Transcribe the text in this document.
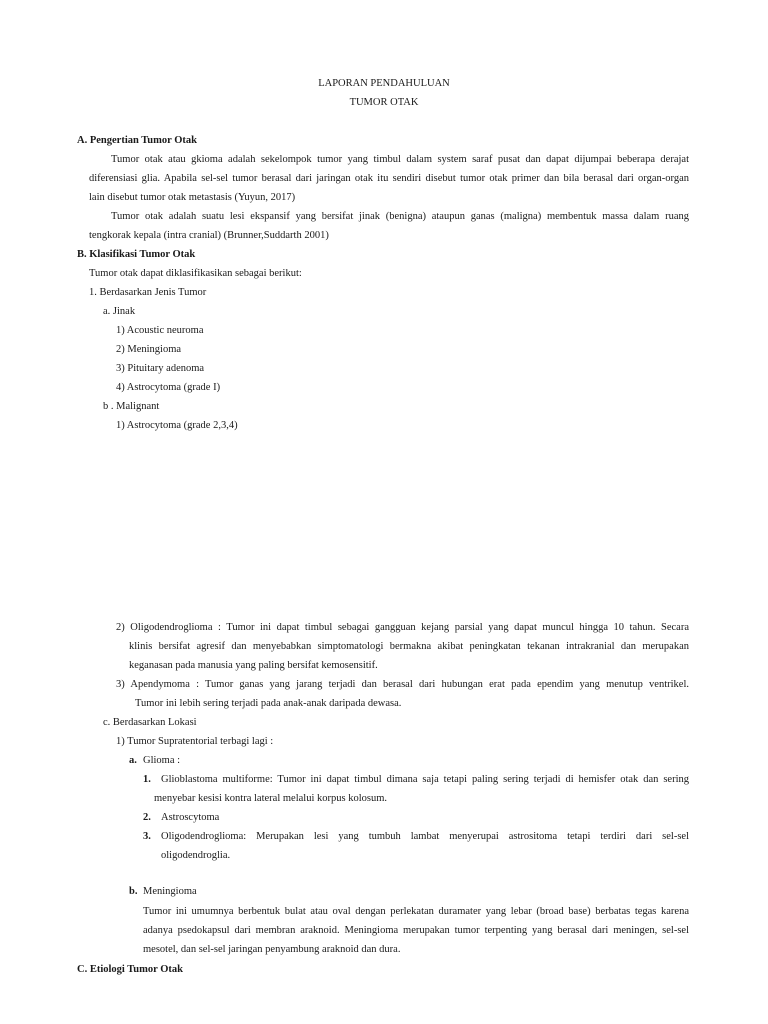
LAPORAN PENDAHULUAN

TUMOR OTAK

A. Pengertian Tumor Otak

Tumor otak atau gkioma adalah sekelompok tumor yang timbul dalam system saraf pusat dan dapat dijumpai beberapa derajat

diferensiasi glia. Apabila sel-sel tumor berasal dari jaringan otak itu sendiri disebut tumor otak primer dan bila berasal dari organ-organ

lain disebut tumor otak metastasis (Yuyun, 2017)

Tumor otak adalah suatu lesi ekspansif yang bersifat jinak (benigna) ataupun ganas (maligna) membentuk massa dalam ruang

tengkorak kepala (intra cranial) (Brunner,Suddarth 2001)

B. Klasifikasi Tumor Otak

Tumor otak dapat diklasifikasikan sebagai berikut:

1. Berdasarkan Jenis Tumor

a. Jinak

1) Acoustic neuroma

2) Meningioma

3) Pituitary adenoma

4) Astrocytoma (grade I)

b . Malignant

1) Astrocytoma (grade 2,3,4)

2) Oligodendroglioma : Tumor ini dapat timbul sebagai gangguan kejang parsial yang dapat muncul hingga 10 tahun. Secara

klinis bersifat agresif dan menyebabkan simptomatologi bermakna akibat peningkatan tekanan intrakranial dan merupakan

keganasan pada manusia yang paling bersifat kemosensitif.

3) Apendymoma : Tumor ganas yang jarang terjadi dan berasal dari hubungan erat pada ependim yang menutup ventrikel.

Tumor ini lebih sering terjadi pada anak-anak daripada dewasa.

c. Berdasarkan Lokasi

1) Tumor Supratentorial terbagi lagi :

a. Glioma :

1. Glioblastoma multiforme: Tumor ini dapat timbul dimana saja tetapi paling sering terjadi di hemisfer otak dan sering

menyebar kesisi kontra lateral melalui korpus kolosum.

2. Astroscytoma

3. Oligodendroglioma: Merupakan lesi yang tumbuh lambat menyerupai astrositoma tetapi terdiri dari sel-sel

oligodendroglia.

b. Meningioma

Tumor ini umumnya berbentuk bulat atau oval dengan perlekatan duramater yang lebar (broad base) berbatas tegas karena

adanya psedokapsul dari membran araknoid. Meningioma merupakan tumor terpenting yang berasal dari meningen, sel-sel

mesotel, dan sel-sel jaringan penyambung araknoid dan dura.

C. Etiologi Tumor Otak
